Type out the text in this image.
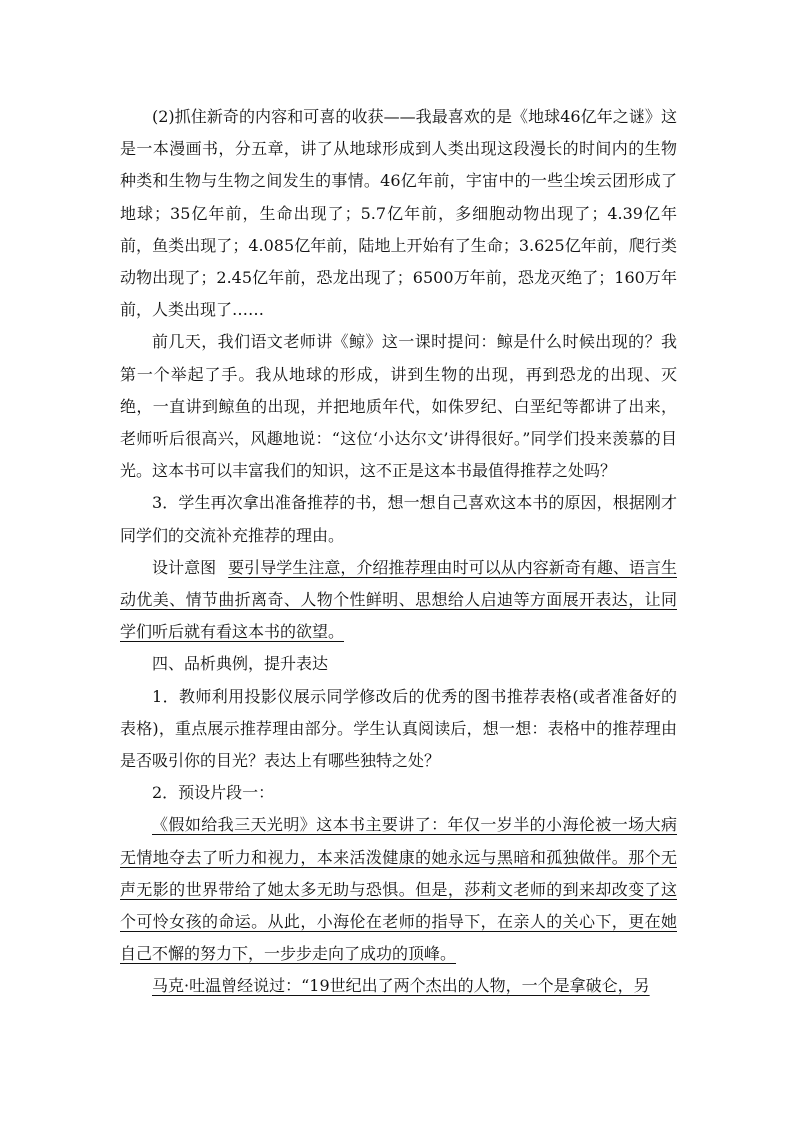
(2)抓住新奇的内容和可喜的收获——我最喜欢的是《地球46亿年之谜》这是一本漫画书，分五章，讲了从地球形成到人类出现这段漫长的时间内的生物种类和生物与生物之间发生的事情。46亿年前，宇宙中的一些尘埃云团形成了地球；35亿年前，生命出现了；5.7亿年前，多细胞动物出现了；4.39亿年前，鱼类出现了；4.085亿年前，陆地上开始有了生命；3.625亿年前，爬行类动物出现了；2.45亿年前，恐龙出现了；6500万年前，恐龙灭绝了；160万年前，人类出现了……

前几天，我们语文老师讲《鲸》这一课时提问：鲸是什么时候出现的？我第一个举起了手。我从地球的形成，讲到生物的出现，再到恐龙的出现、灭绝，一直讲到鲸鱼的出现，并把地质年代，如侏罗纪、白垩纪等都讲了出来，老师听后很高兴，风趣地说：“这位‘小达尔文’讲得很好。”同学们投来羡慕的目光。这本书可以丰富我们的知识，这不正是这本书最值得推荐之处吗？

3．学生再次拿出准备推荐的书，想一想自己喜欢这本书的原因，根据刚才同学们的交流补充推荐的理由。

设计意图 要引导学生注意，介绍推荐理由时可以从内容新奇有趣、语言生动优美、情节曲折离奇、人物个性鲜明、思想给人启迪等方面展开表达，让同学们听后就有看这本书的欲望。

四、品析典例，提升表达

1．教师利用投影仪展示同学修改后的优秀的图书推荐表格(或者准备好的表格)，重点展示推荐理由部分。学生认真阅读后，想一想：表格中的推荐理由是否吸引你的目光？表达上有哪些独特之处？

2．预设片段一：

《假如给我三天光明》这本书主要讲了：年仅一岁半的小海伦被一场大病无情地夺去了听力和视力，本来活泼健康的她永远与黑暗和孤独做伴。那个无声无影的世界带给了她太多无助与恐惧。但是，莎莉文老师的到来却改变了这个可怜女孩的命运。从此，小海伦在老师的指导下，在亲人的关心下，更在她自己不懈的努力下，一步步走向了成功的顶峰。

马克·吐温曾经说过：“19世纪出了两个杰出的人物，一个是拿破仑，另
